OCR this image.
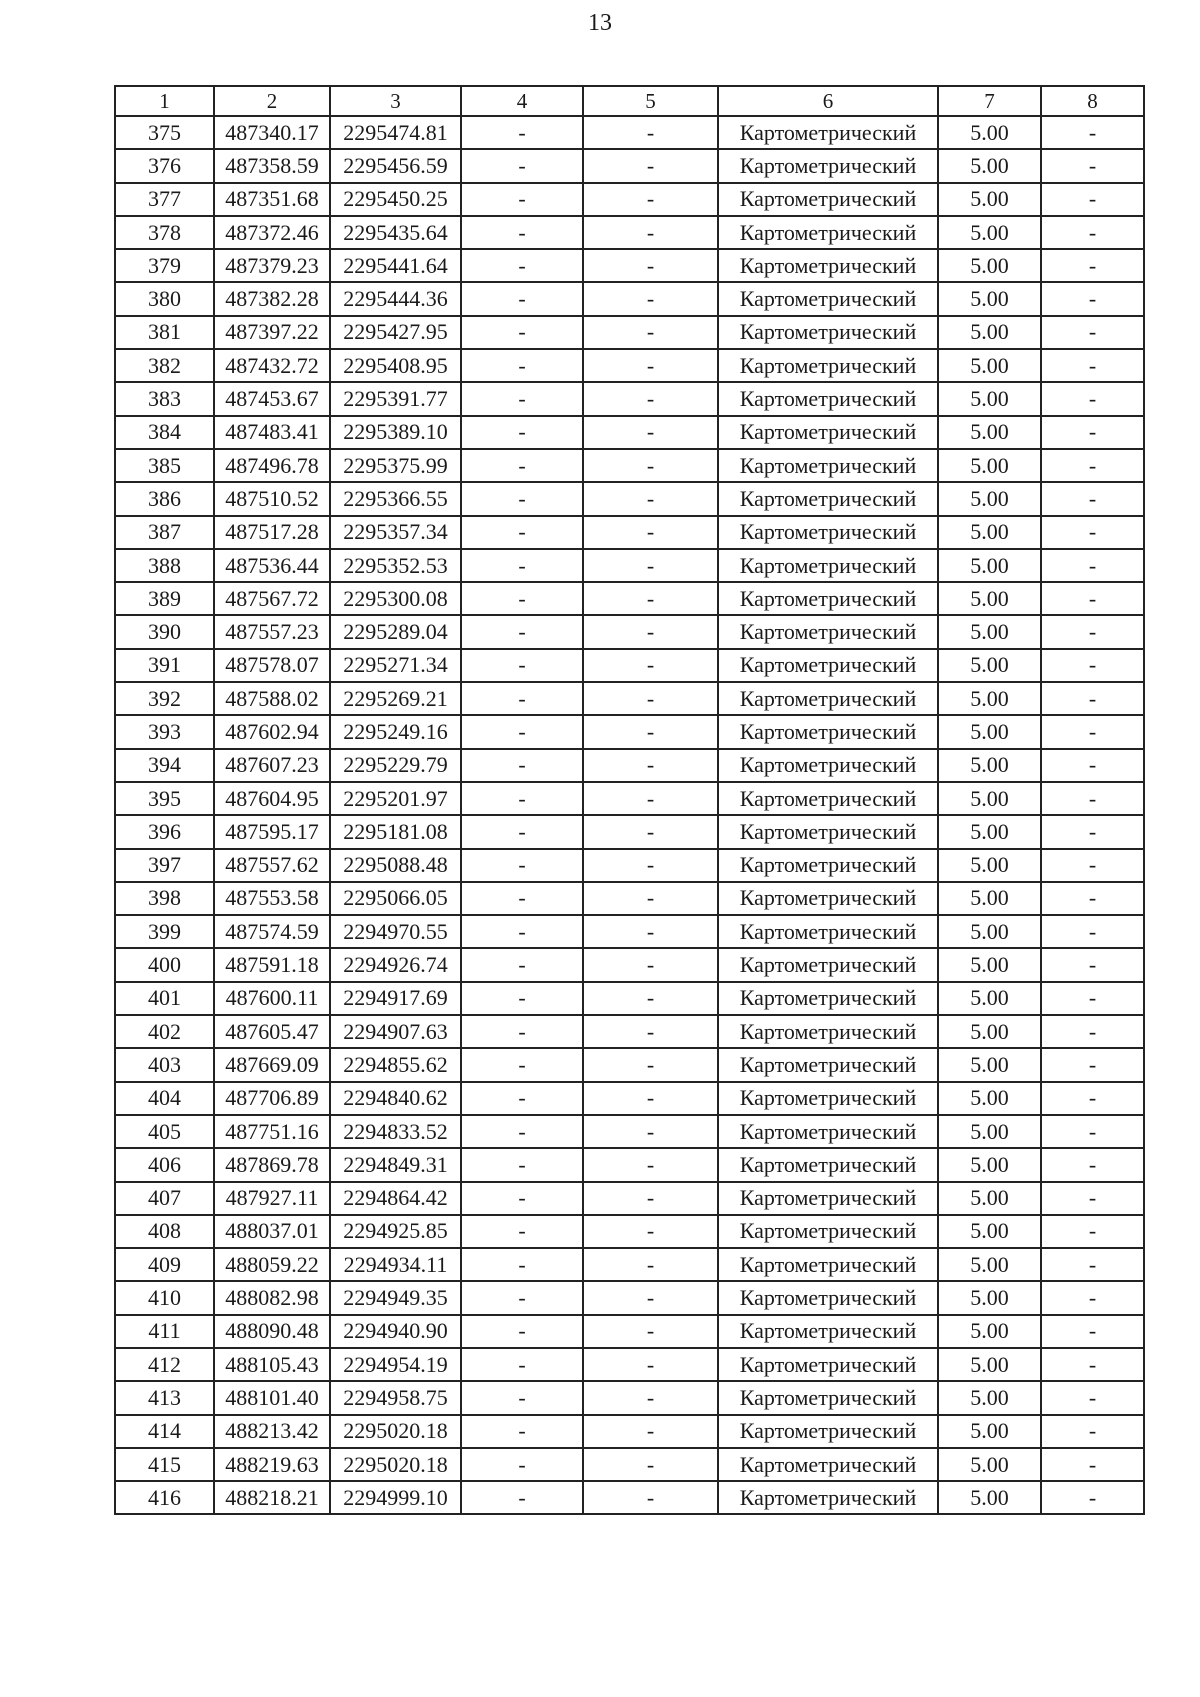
13
1	2	3	4	5	6	7	8
375	487340.17	2295474.81	-	-	Картометрический	5.00	-
376	487358.59	2295456.59	-	-	Картометрический	5.00	-
377	487351.68	2295450.25	-	-	Картометрический	5.00	-
378	487372.46	2295435.64	-	-	Картометрический	5.00	-
379	487379.23	2295441.64	-	-	Картометрический	5.00	-
380	487382.28	2295444.36	-	-	Картометрический	5.00	-
381	487397.22	2295427.95	-	-	Картометрический	5.00	-
382	487432.72	2295408.95	-	-	Картометрический	5.00	-
383	487453.67	2295391.77	-	-	Картометрический	5.00	-
384	487483.41	2295389.10	-	-	Картометрический	5.00	-
385	487496.78	2295375.99	-	-	Картометрический	5.00	-
386	487510.52	2295366.55	-	-	Картометрический	5.00	-
387	487517.28	2295357.34	-	-	Картометрический	5.00	-
388	487536.44	2295352.53	-	-	Картометрический	5.00	-
389	487567.72	2295300.08	-	-	Картометрический	5.00	-
390	487557.23	2295289.04	-	-	Картометрический	5.00	-
391	487578.07	2295271.34	-	-	Картометрический	5.00	-
392	487588.02	2295269.21	-	-	Картометрический	5.00	-
393	487602.94	2295249.16	-	-	Картометрический	5.00	-
394	487607.23	2295229.79	-	-	Картометрический	5.00	-
395	487604.95	2295201.97	-	-	Картометрический	5.00	-
396	487595.17	2295181.08	-	-	Картометрический	5.00	-
397	487557.62	2295088.48	-	-	Картометрический	5.00	-
398	487553.58	2295066.05	-	-	Картометрический	5.00	-
399	487574.59	2294970.55	-	-	Картометрический	5.00	-
400	487591.18	2294926.74	-	-	Картометрический	5.00	-
401	487600.11	2294917.69	-	-	Картометрический	5.00	-
402	487605.47	2294907.63	-	-	Картометрический	5.00	-
403	487669.09	2294855.62	-	-	Картометрический	5.00	-
404	487706.89	2294840.62	-	-	Картометрический	5.00	-
405	487751.16	2294833.52	-	-	Картометрический	5.00	-
406	487869.78	2294849.31	-	-	Картометрический	5.00	-
407	487927.11	2294864.42	-	-	Картометрический	5.00	-
408	488037.01	2294925.85	-	-	Картометрический	5.00	-
409	488059.22	2294934.11	-	-	Картометрический	5.00	-
410	488082.98	2294949.35	-	-	Картометрический	5.00	-
411	488090.48	2294940.90	-	-	Картометрический	5.00	-
412	488105.43	2294954.19	-	-	Картометрический	5.00	-
413	488101.40	2294958.75	-	-	Картометрический	5.00	-
414	488213.42	2295020.18	-	-	Картометрический	5.00	-
415	488219.63	2295020.18	-	-	Картометрический	5.00	-
416	488218.21	2294999.10	-	-	Картометрический	5.00	-
